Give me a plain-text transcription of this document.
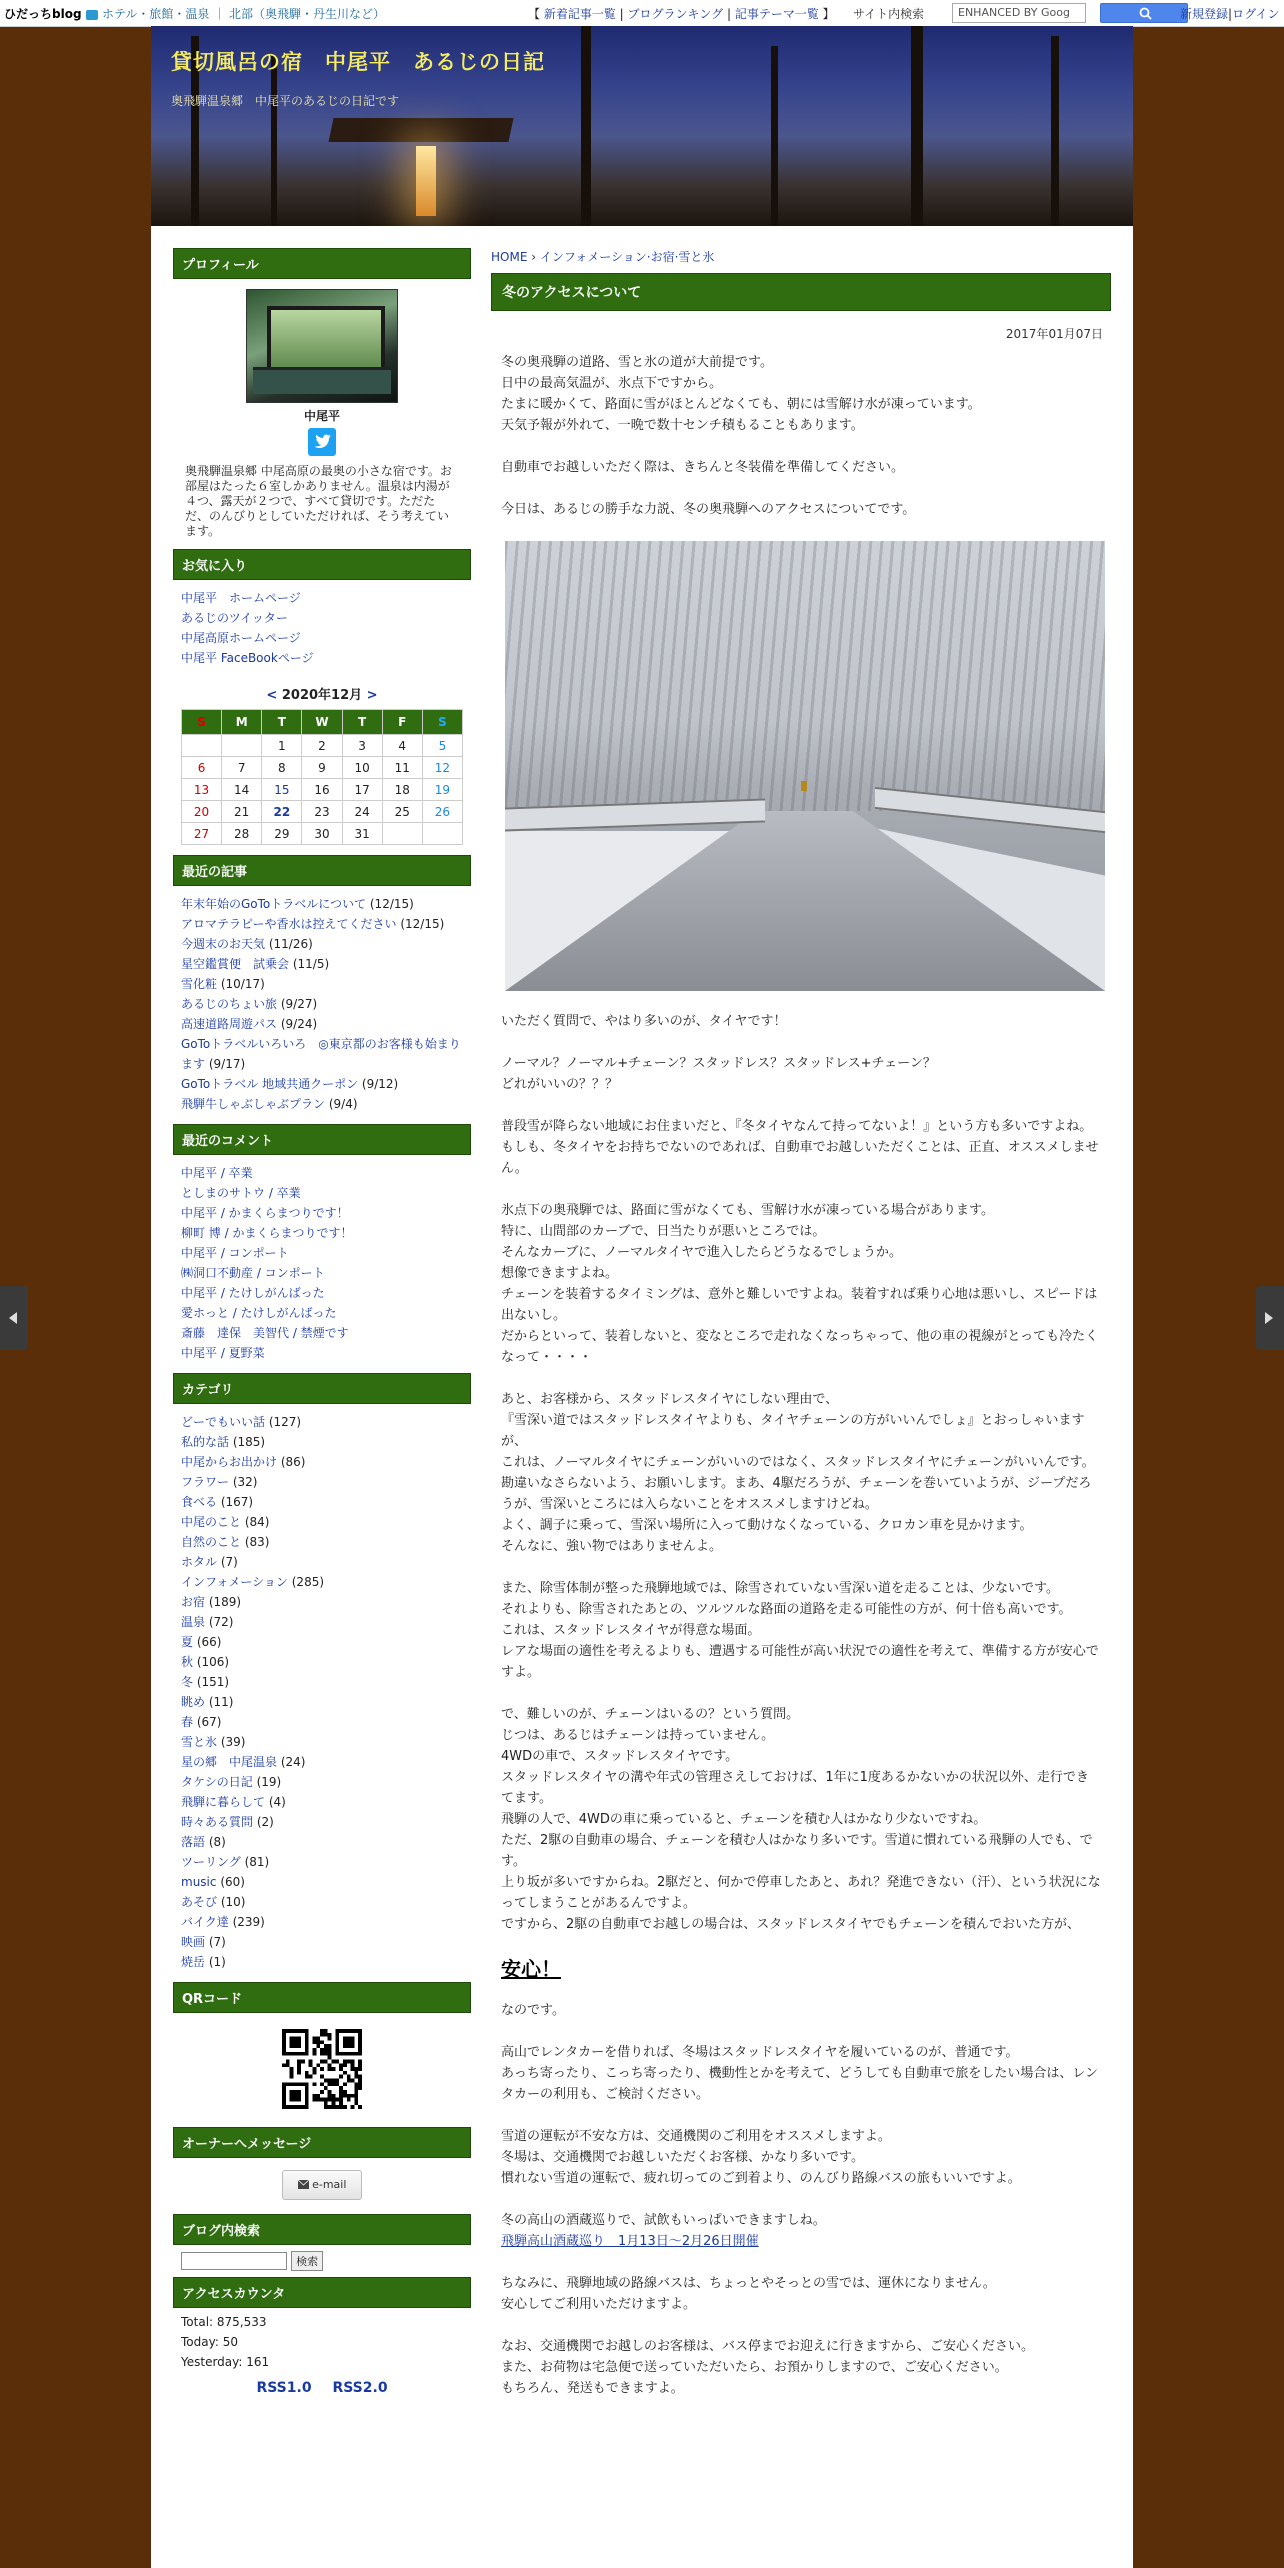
ひだっちblog	ホテル・旅館・温泉 ｜ 北部（奥飛騨・丹生川など）	【 新着記事一覧 | ブログランキング | 記事テーマ一覧 】 サイト内検索	ENHANCED BY Goog	新規登録|ログイン
貸切風呂の宿　中尾平　あるじの日記
奥飛騨温泉郷　中尾平のあるじの日記です
プロフィール
中尾平
奥飛騨温泉郷 中尾高原の最奥の小さな宿です。お部屋はたった６室しかありません。温泉は内湯が４つ、露天が２つで、すべて貸切です。ただただ、のんびりとしていただければ、そう考えています。
お気に入り
中尾平　ホームページ
あるじのツイッター
中尾高原ホームページ
中尾平 FaceBookページ
< 2020年12月 >
S	M	T	W	T	F	S
		1	2	3	4	5
6	7	8	9	10	11	12
13	14	15	16	17	18	19
20	21	22	23	24	25	26
27	28	29	30	31		
最近の記事
年末年始のGoToトラベルについて (12/15)
アロマテラピーや香水は控えてください (12/15)
今週末のお天気 (11/26)
星空鑑賞便　試乗会 (11/5)
雪化粧 (10/17)
あるじのちょい旅 (9/27)
高速道路周遊パス (9/24)
GoToトラベルいろいろ　◎東京都のお客様も始まります (9/17)
GoToトラベル 地域共通クーポン (9/12)
飛騨牛しゃぶしゃぶプラン (9/4)
最近のコメント
中尾平 / 卒業
としまのサトウ / 卒業
中尾平 / かまくらまつりです！
柳町 博 / かまくらまつりです！
中尾平 / コンポート
㈱洞口不動産 / コンポート
中尾平 / たけしがんばった
愛ホっと / たけしがんばった
斎藤　達保　美智代 / 禁煙です
中尾平 / 夏野菜
カテゴリ
どーでもいい話 (127)
私的な話 (185)
中尾からお出かけ (86)
フラワー (32)
食べる (167)
中尾のこと (84)
自然のこと (83)
ホタル (7)
インフォメーション (285)
お宿 (189)
温泉 (72)
夏 (66)
秋 (106)
冬 (151)
眺め (11)
春 (67)
雪と氷 (39)
星の郷　中尾温泉 (24)
タケシの日記 (19)
飛騨に暮らして (4)
時々ある質問 (2)
落語 (8)
ツーリング (81)
music (60)
あそび (10)
バイク達 (239)
映画 (7)
焼岳 (1)
QRコード
オーナーへメッセージ
e-mail
ブログ内検索
検索
アクセスカウンタ
Total: 875,533
Today: 50
Yesterday: 161
RSS1.0 RSS2.0
HOME › インフォメーション·お宿·雪と氷
冬のアクセスについて
2017年01月07日

冬の奥飛騨の道路、雪と氷の道が大前提です。
日中の最高気温が、氷点下ですから。
たまに暖かくて、路面に雪がほとんどなくても、朝には雪解け水が凍っています。
天気予報が外れて、一晩で数十センチ積もることもあります。

自動車でお越しいただく際は、きちんと冬装備を準備してください。

今日は、あるじの勝手な力説、冬の奥飛騨へのアクセスについてです。

いただく質問で、やはり多いのが、タイヤです！

ノーマル？ノーマル+チェーン？スタッドレス？スタッドレス+チェーン？
どれがいいの？？？

普段雪が降らない地域にお住まいだと、『冬タイヤなんて持ってないよ！』という方も多いですよね。
もしも、冬タイヤをお持ちでないのであれば、自動車でお越しいただくことは、正直、オススメしません。

氷点下の奥飛騨では、路面に雪がなくても、雪解け水が凍っている場合があります。
特に、山間部のカーブで、日当たりが悪いところでは。
そんなカーブに、ノーマルタイヤで進入したらどうなるでしょうか。
想像できますよね。
チェーンを装着するタイミングは、意外と難しいですよね。装着すれば乗り心地は悪いし、スピードは出ないし。
だからといって、装着しないと、変なところで走れなくなっちゃって、他の車の視線がとっても冷たくなって・・・・

あと、お客様から、スタッドレスタイヤにしない理由で、
『雪深い道ではスタッドレスタイヤよりも、タイヤチェーンの方がいいんでしょ』とおっしゃいますが、
これは、ノーマルタイヤにチェーンがいいのではなく、スタッドレスタイヤにチェーンがいいんです。
勘違いなさらないよう、お願いします。まあ、4駆だろうが、チェーンを巻いていようが、ジープだろうが、雪深いところには入らないことをオススメしますけどね。
よく、調子に乗って、雪深い場所に入って動けなくなっている、クロカン車を見かけます。
そんなに、強い物ではありませんよ。

また、除雪体制が整った飛騨地域では、除雪されていない雪深い道を走ることは、少ないです。
それよりも、除雪されたあとの、ツルツルな路面の道路を走る可能性の方が、何十倍も高いです。
これは、スタッドレスタイヤが得意な場面。
レアな場面の適性を考えるよりも、遭遇する可能性が高い状況での適性を考えて、準備する方が安心ですよ。

で、難しいのが、チェーンはいるの？という質問。
じつは、あるじはチェーンは持っていません。
4WDの車で、スタッドレスタイヤです。
スタッドレスタイヤの溝や年式の管理さえしておけば、1年に1度あるかないかの状況以外、走行できてます。
飛騨の人で、4WDの車に乗っていると、チェーンを積む人はかなり少ないですね。
ただ、2駆の自動車の場合、チェーンを積む人はかなり多いです。雪道に慣れている飛騨の人でも、です。
上り坂が多いですからね。2駆だと、何かで停車したあと、あれ？発進できない（汗）、という状況になってしまうことがあるんですよ。
ですから、2駆の自動車でお越しの場合は、スタッドレスタイヤでもチェーンを積んでおいた方が、

安心！

なのです。

高山でレンタカーを借りれば、冬場はスタッドレスタイヤを履いているのが、普通です。
あっち寄ったり、こっち寄ったり、機動性とかを考えて、どうしても自動車で旅をしたい場合は、レンタカーの利用も、ご検討ください。

雪道の運転が不安な方は、交通機関のご利用をオススメしますよ。
冬場は、交通機関でお越しいただくお客様、かなり多いです。
慣れない雪道の運転で、疲れ切ってのご到着より、のんびり路線バスの旅もいいですよ。

冬の高山の酒蔵巡りで、試飲もいっぱいできますしね。
飛騨高山酒蔵巡り　1月13日～2月26日開催

ちなみに、飛騨地域の路線バスは、ちょっとやそっとの雪では、運休になりません。
安心してご利用いただけますよ。

なお、交通機関でお越しのお客様は、バス停までお迎えに行きますから、ご安心ください。
また、お荷物は宅急便で送っていただいたら、お預かりしますので、ご安心ください。
もちろん、発送もできますよ。
